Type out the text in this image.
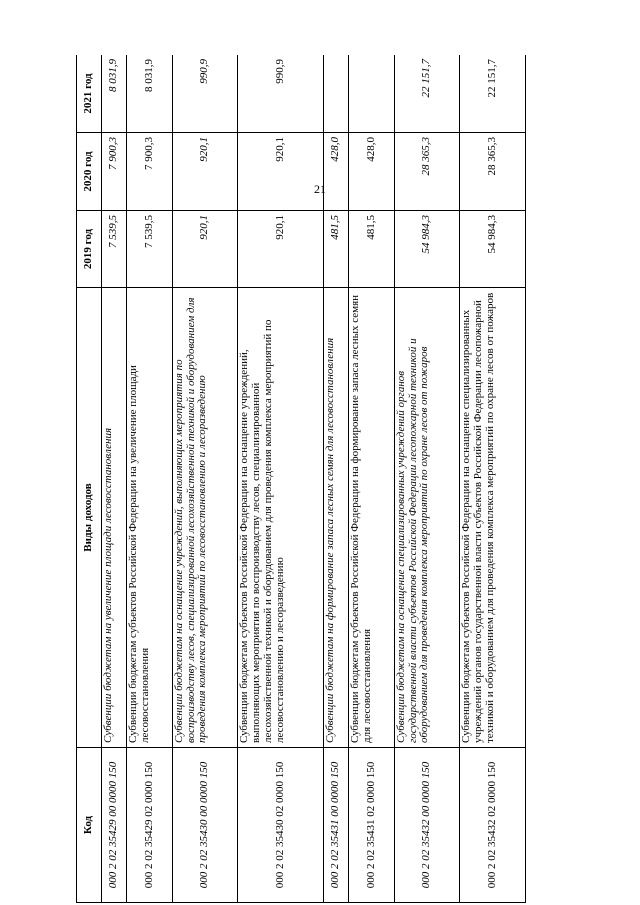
21
Код	Виды доходов	2019 год	2020 год	2021 год
000 2 02 35429 00 0000 150	Субвенции бюджетам на увеличение площади лесовосстановления	7 539,5	7 900,3	8 031,9
000 2 02 35429 02 0000 150	Субвенции бюджетам субъектов Российской Федерации на увеличение площади лесовосстановления	7 539,5	7 900,3	8 031,9
000 2 02 35430 00 0000 150	Субвенции бюджетам на оснащение учреждений, выполняющих мероприятия по воспроизводству лесов, специализированной лесохозяйственной техникой и оборудованием для проведения комплекса мероприятий по лесовосстановлению и лесоразведению	920,1	920,1	990,9
000 2 02 35430 02 0000 150	Субвенции бюджетам субъектов Российской Федерации на оснащение учреждений, выполняющих мероприятия по воспроизводству лесов, специализированной лесохозяйственной техникой и оборудованием для проведения комплекса мероприятий по лесовосстановлению и лесоразведению	920,1	920,1	990,9
000 2 02 35431 00 0000 150	Субвенции бюджетам на формирование запаса лесных семян для лесовосстановления	481,5	428,0	
000 2 02 35431 02 0000 150	Субвенции бюджетам субъектов Российской Федерации на формирование запаса лесных семян для лесовосстановления	481,5	428,0	
000 2 02 35432 00 0000 150	Субвенции бюджетам на оснащение специализированных учреждений органов государственной власти субъектов Российской Федерации лесопожарной техникой и оборудованием для проведения комплекса мероприятий по охране лесов от пожаров	54 984,3	28 365,3	22 151,7
000 2 02 35432 02 0000 150	Субвенции бюджетам субъектов Российской Федерации на оснащение специализированных учреждений органов государственной власти субъектов Российской Федерации лесопожарной техникой и оборудованием для проведения комплекса мероприятий по охране лесов от пожаров	54 984,3	28 365,3	22 151,7
